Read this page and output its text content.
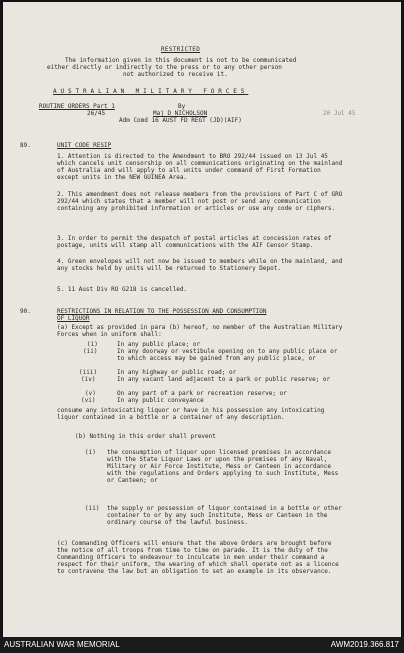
RESTRICTED
The information given in this document is not to be communicated
either directly or indirectly to the press or to any other person
not authorized to receive it.
AUSTRALIAN MILITARY FORCES
ROUTINE ORDERS Part 1
26/45
By
Maj D NICHOLSON
Adm Comd 16 AUST FD REGT (JD)(AIF)
20 Jul 45
89.	UNIT CODE RESIP
1. Attention is directed to the Amendment to BRO 292/44 issued on 13 Jul 45 which cancels unit censorship on all communications originating on the mainland of Australia and will apply to all units under command of First Formation except units in the NEW GUINEA Area.
2. This amendment does not release members from the provisions of Part C of GRO 292/44 which states that a member will not post or send any communication containing any prohibited information or articles or use any code or ciphers.
3. In order to permit the despatch of postal articles at concession rates of postage, units will stamp all communications with the AIF Censor Stamp.
4. Green envelopes will not now be issued to members while on the mainland, and any stocks held by units will be returned to Stationery Depot.
5. 11 Aust Div RO G218 is cancelled.
90.	RESTRICTIONS IN RELATION TO THE POSSESSION AND CONSUMPTION
OF LIQUOR
(a) Except as provided in para (b) hereof, no member of the Australian Military Forces when in uniform shall:
(i)	In any public place; or
(ii)	In any doorway or vestibule opening on to any public place or to which access may be gained from any public place, or
(iii)	In any highway or public road; or
(iv)	In any vacant land adjacent to a park or public reserve; or
(v)	On any part of a park or recreation reserve; or
(vi)	In any public conveyance
consume any intoxicating liquor or have in his possession any intoxicating liquor contained in a bottle or a container of any description.
(b) Nothing in this order shall prevent
(i) the consumption of liquor upon licensed premises in accordance with the State Liquor Laws or upon the premises of any Naval, Military or Air Force Institute, Mess or Canteen in accordance with the regulations and Orders applying to such Institute, Mess or Canteen; or
(ii) the supply or possession of liquor contained in a bottle or other container to or by any such Institute, Mess or Canteen in the ordinary course of the lawful business.
(c) Commanding Officers will ensure that the above Orders are brought before the notice of all troops from time to time on parade. It is the duty of the Commanding Officers to endeavour to inculcate in men under their command a respect for their uniform, the wearing of which shall operate not as a licence to contravene the law but an obligation to set an example in its observance.
AUSTRALIAN WAR MEMORIAL	AWM2019.366.817
